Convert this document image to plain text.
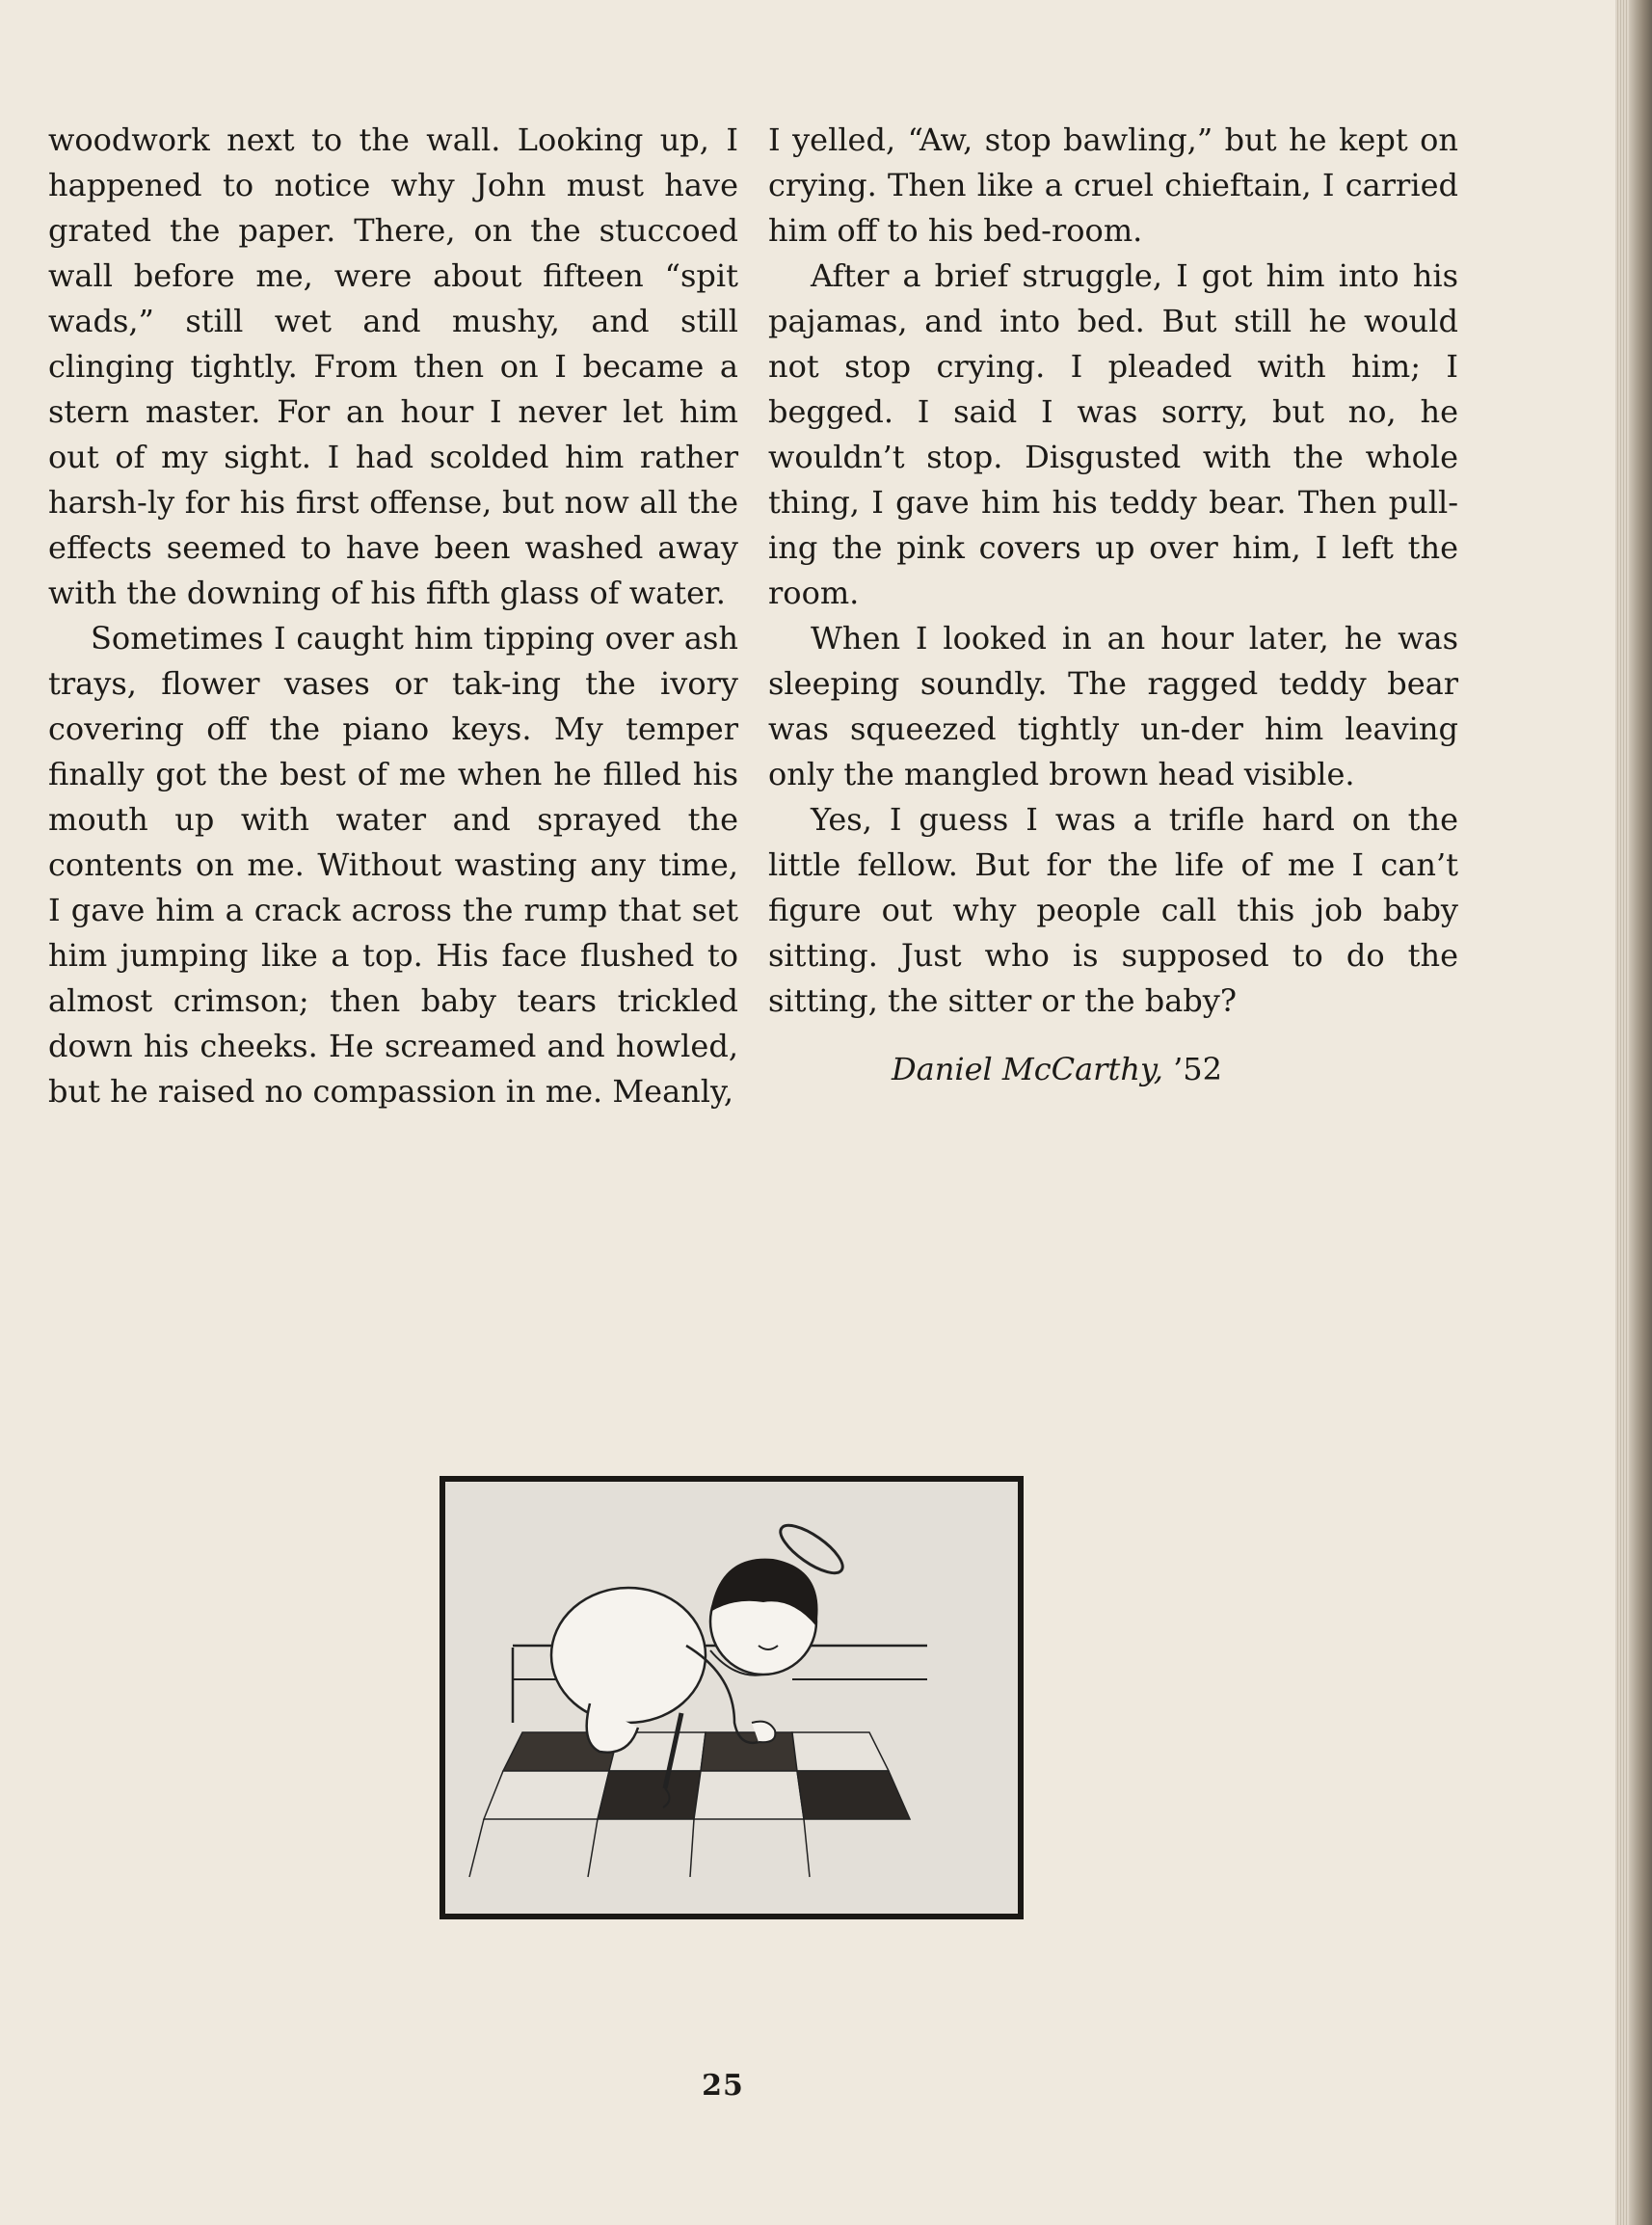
woodwork next to the wall. Looking up, I happened to notice why John must have grated the paper. There, on the stuccoed wall before me, were about fifteen “spit wads,” still wet and mushy, and still clinging tightly. From then on I became a stern master. For an hour I never let him out of my sight. I had scolded him rather harsh-ly for his first offense, but now all the effects seemed to have been washed away with the downing of his fifth glass of water.

Sometimes I caught him tipping over ash trays, flower vases or tak-ing the ivory covering off the piano keys. My temper finally got the best of me when he filled his mouth up with water and sprayed the contents on me. Without wasting any time, I gave him a crack across the rump that set him jumping like a top. His face flushed to almost crimson; then baby tears trickled down his cheeks. He screamed and howled, but he raised no compassion in me. Meanly,

I yelled, “Aw, stop bawling,” but he kept on crying. Then like a cruel chieftain, I carried him off to his bed-room.

After a brief struggle, I got him into his pajamas, and into bed. But still he would not stop crying. I pleaded with him; I begged. I said I was sorry, but no, he wouldn’t stop. Disgusted with the whole thing, I gave him his teddy bear. Then pull-ing the pink covers up over him, I left the room.

When I looked in an hour later, he was sleeping soundly. The ragged teddy bear was squeezed tightly un-der him leaving only the mangled brown head visible.

Yes, I guess I was a trifle hard on the little fellow. But for the life of me I can’t figure out why people call this job baby sitting. Just who is supposed to do the sitting, the sitter or the baby?

Daniel McCarthy, ’52

25
